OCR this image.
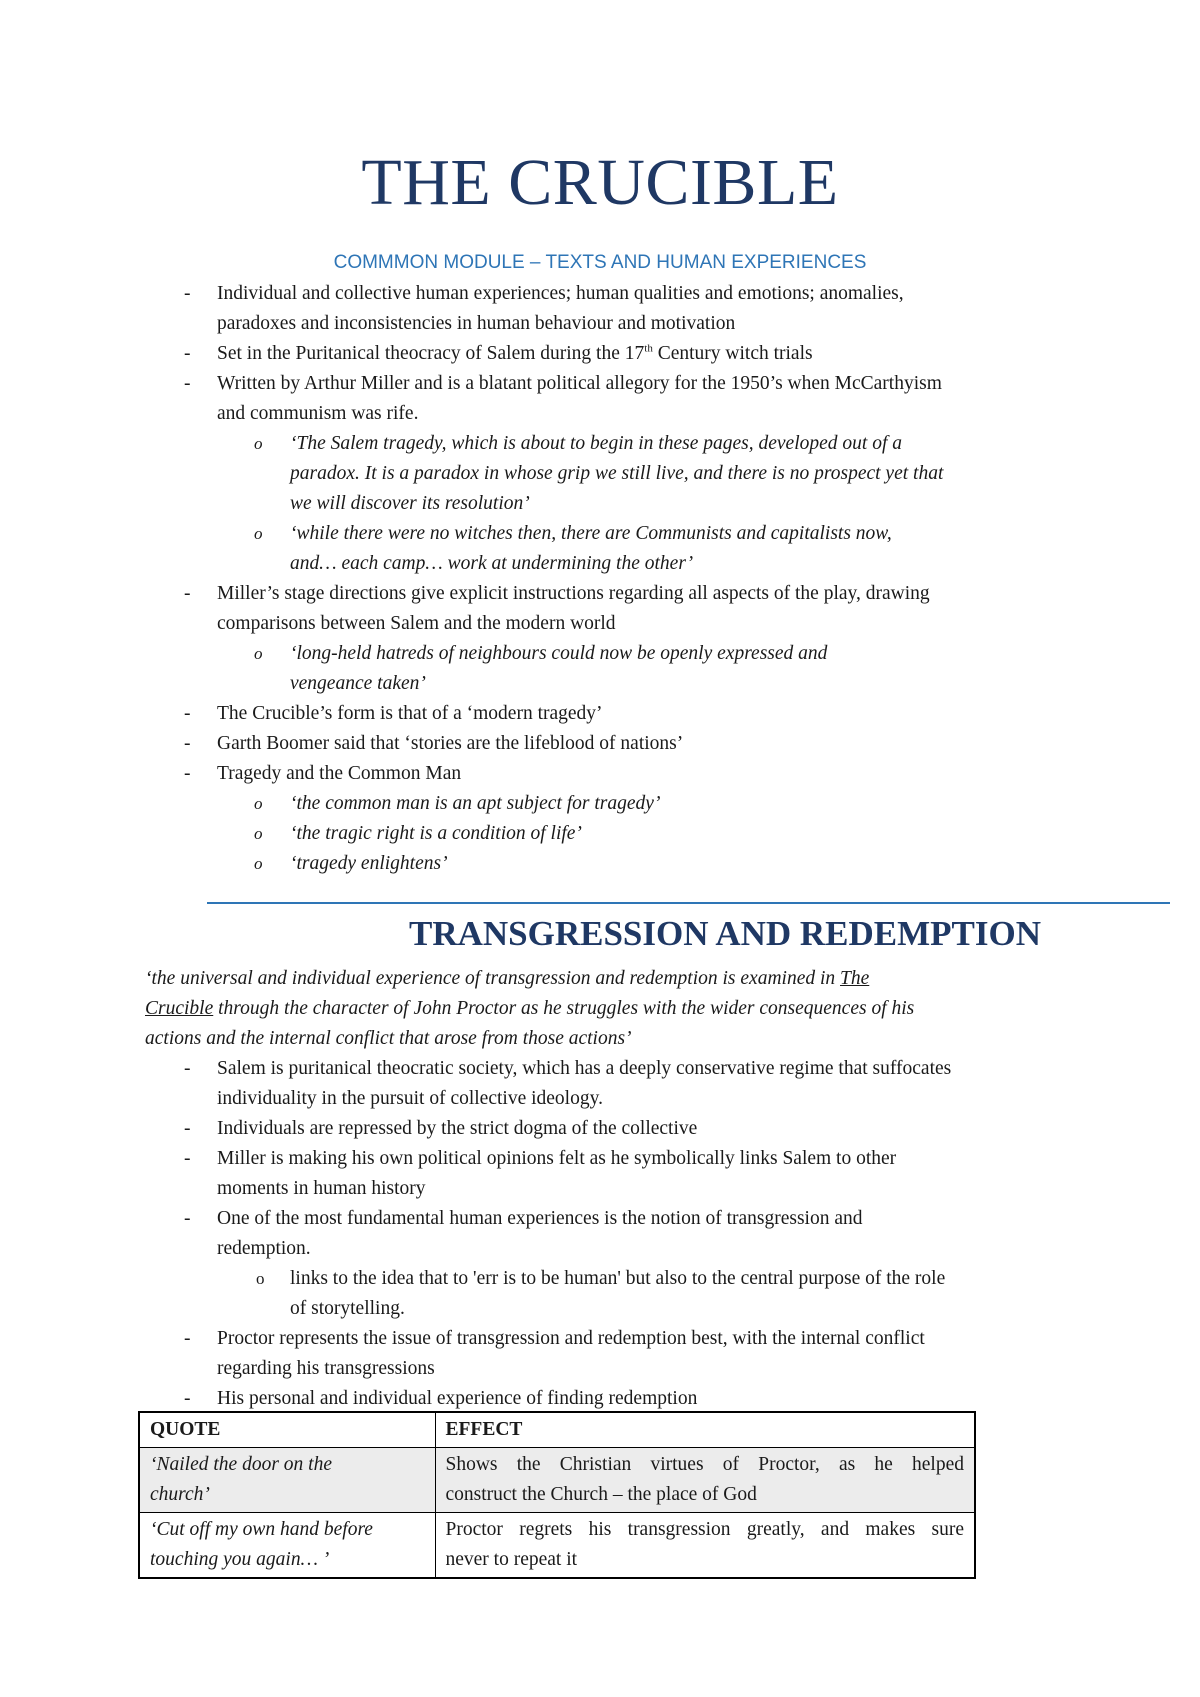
THE CRUCIBLE
COMMMON MODULE – TEXTS AND HUMAN EXPERIENCES
- Individual and collective human experiences; human qualities and emotions; anomalies,
paradoxes and inconsistencies in human behaviour and motivation
- Set in the Puritanical theocracy of Salem during the 17th Century witch trials
- Written by Arthur Miller and is a blatant political allegory for the 1950’s when McCarthyism
and communism was rife.
o ‘The Salem tragedy, which is about to begin in these pages, developed out of a
paradox. It is a paradox in whose grip we still live, and there is no prospect yet that
we will discover its resolution’
o ‘while there were no witches then, there are Communists and capitalists now,
and… each camp… work at undermining the other’
- Miller’s stage directions give explicit instructions regarding all aspects of the play, drawing
comparisons between Salem and the modern world
o ‘long-held hatreds of neighbours could now be openly expressed and
vengeance taken’
- The Crucible’s form is that of a ‘modern tragedy’
- Garth Boomer said that ‘stories are the lifeblood of nations’
- Tragedy and the Common Man
o ‘the common man is an apt subject for tragedy’
o ‘the tragic right is a condition of life’
o ‘tragedy enlightens’
TRANSGRESSION AND REDEMPTION
‘the universal and individual experience of transgression and redemption is examined in The
Crucible through the character of John Proctor as he struggles with the wider consequences of his
actions and the internal conflict that arose from those actions’
- Salem is puritanical theocratic society, which has a deeply conservative regime that suffocates
individuality in the pursuit of collective ideology.
- Individuals are repressed by the strict dogma of the collective
- Miller is making his own political opinions felt as he symbolically links Salem to other
moments in human history
- One of the most fundamental human experiences is the notion of transgression and
redemption.
o links to the idea that to 'err is to be human' but also to the central purpose of the role
of storytelling.
- Proctor represents the issue of transgression and redemption best, with the internal conflict
regarding his transgressions
- His personal and individual experience of finding redemption
QUOTE	EFFECT
‘Nailed the door on the
church’	Shows the Christian virtues of Proctor, as he helped
construct the Church – the place of God
‘Cut off my own hand before
touching you again… ’	Proctor regrets his transgression greatly, and makes sure
never to repeat it
